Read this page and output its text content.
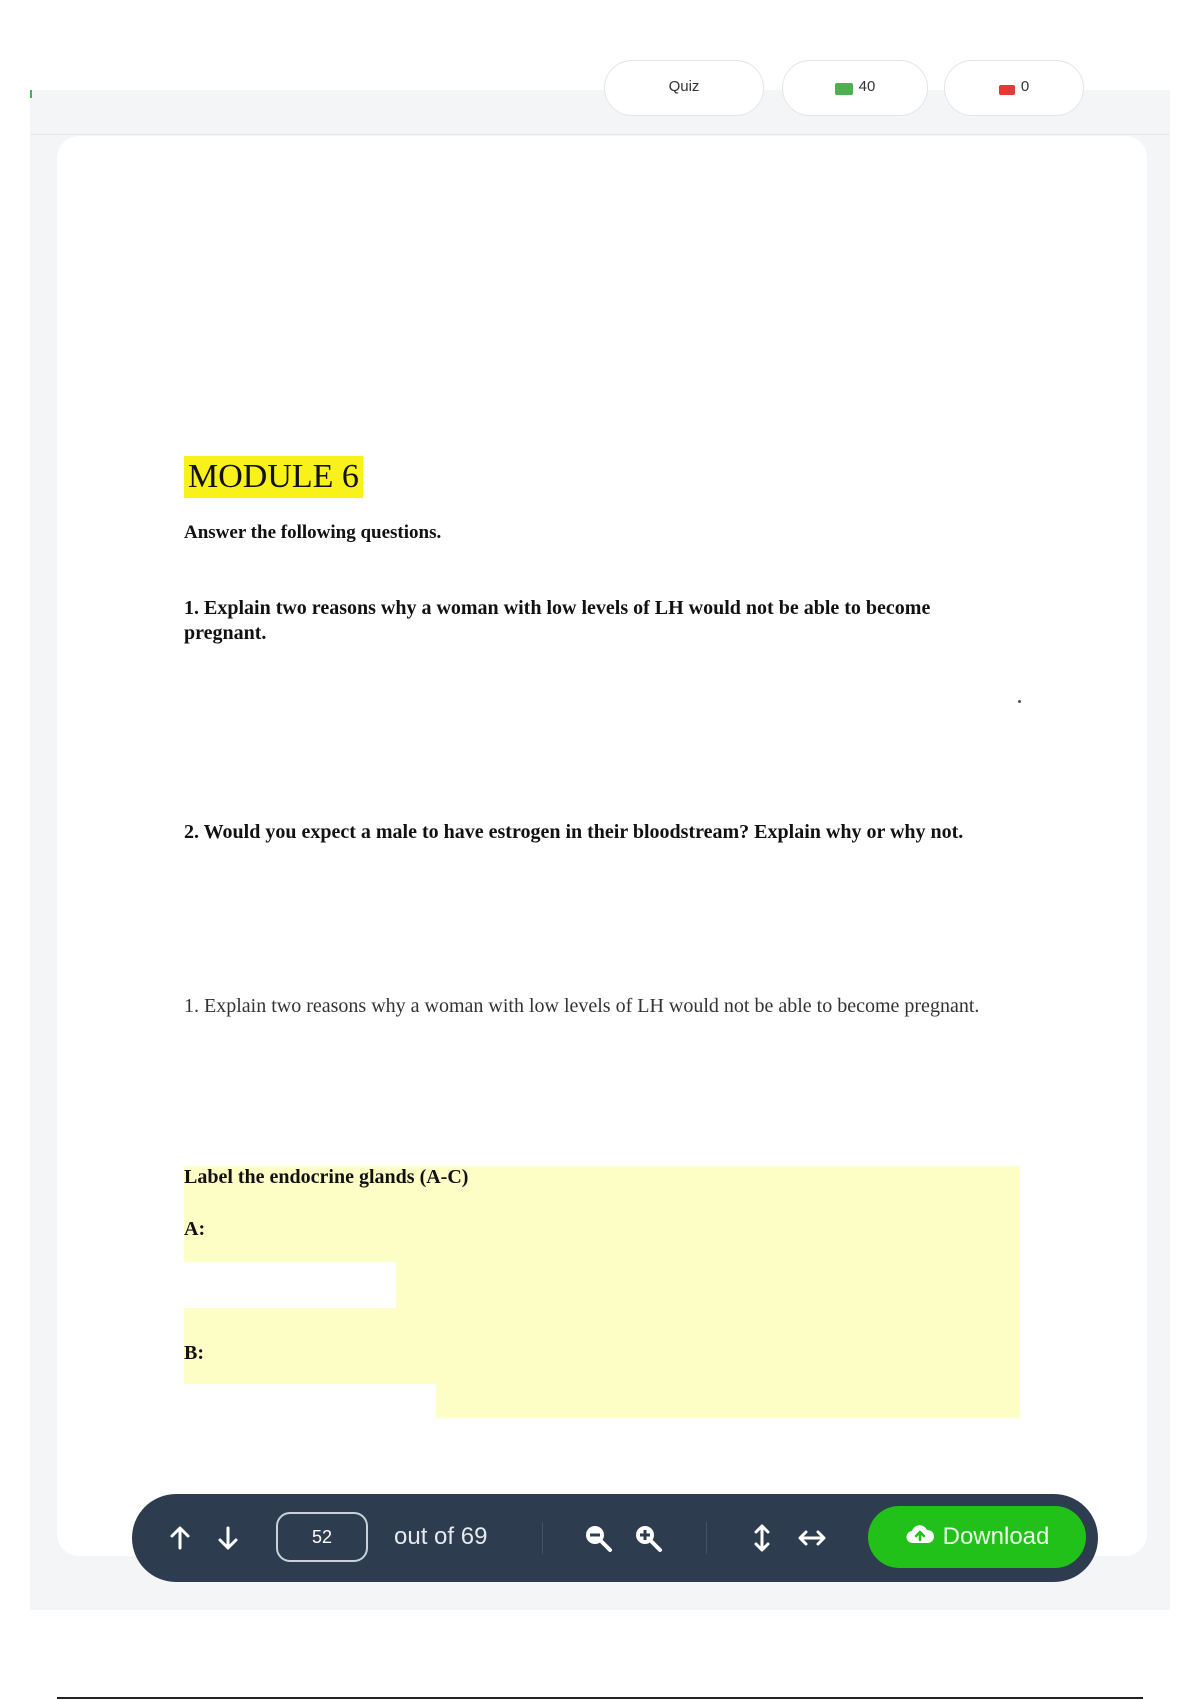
Quiz	40	0
MODULE 6
Answer the following questions.
1. Explain two reasons why a woman with low levels of LH would not be able to become pregnant.
2. Would you expect a male to have estrogen in their bloodstream? Explain why or why not.
1. Explain two reasons why a woman with low levels of LH would not be able to become pregnant.
Label the endocrine glands (A-C)
A:
B:
52
out of 69	Download
